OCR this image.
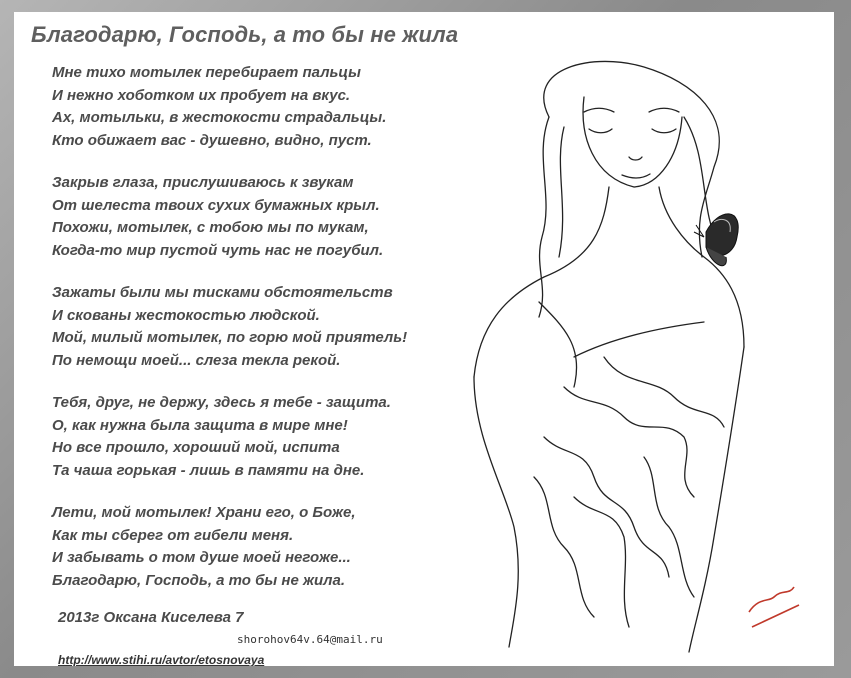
Благодарю, Господь, а то бы не жила
Мне тихо мотылек перебирает пальцы
И нежно хоботком их пробует на вкус.
Ах, мотыльки, в жестокости страдальцы.
Кто обижает вас - душевно, видно, пуст.
Закрыв глаза, прислушиваюсь к звукам
От шелеста твоих сухих бумажных крыл.
Похожи, мотылек, с тобою мы по мукам,
Когда-то мир пустой чуть нас не погубил.
Зажаты были мы тисками обстоятельств
И скованы жестокостью людской.
Мой, милый мотылек, по горю мой приятель!
По немощи моей... слеза текла рекой.
Тебя, друг, не держу, здесь я тебе - защита.
О, как нужна была защита в мире мне!
Но все прошло, хороший мой, испита
Та чаша горькая - лишь в памяти на дне.
Лети, мой мотылек! Храни его, о Боже,
Как ты сберег от гибели меня.
И забывать о том душе моей негоже...
Благодарю, Господь, а то бы не жила.

2013г Оксана Киселева 7

shorohov64v.64@mail.ru
http://www.stihi.ru/avtor/etosnovaya
